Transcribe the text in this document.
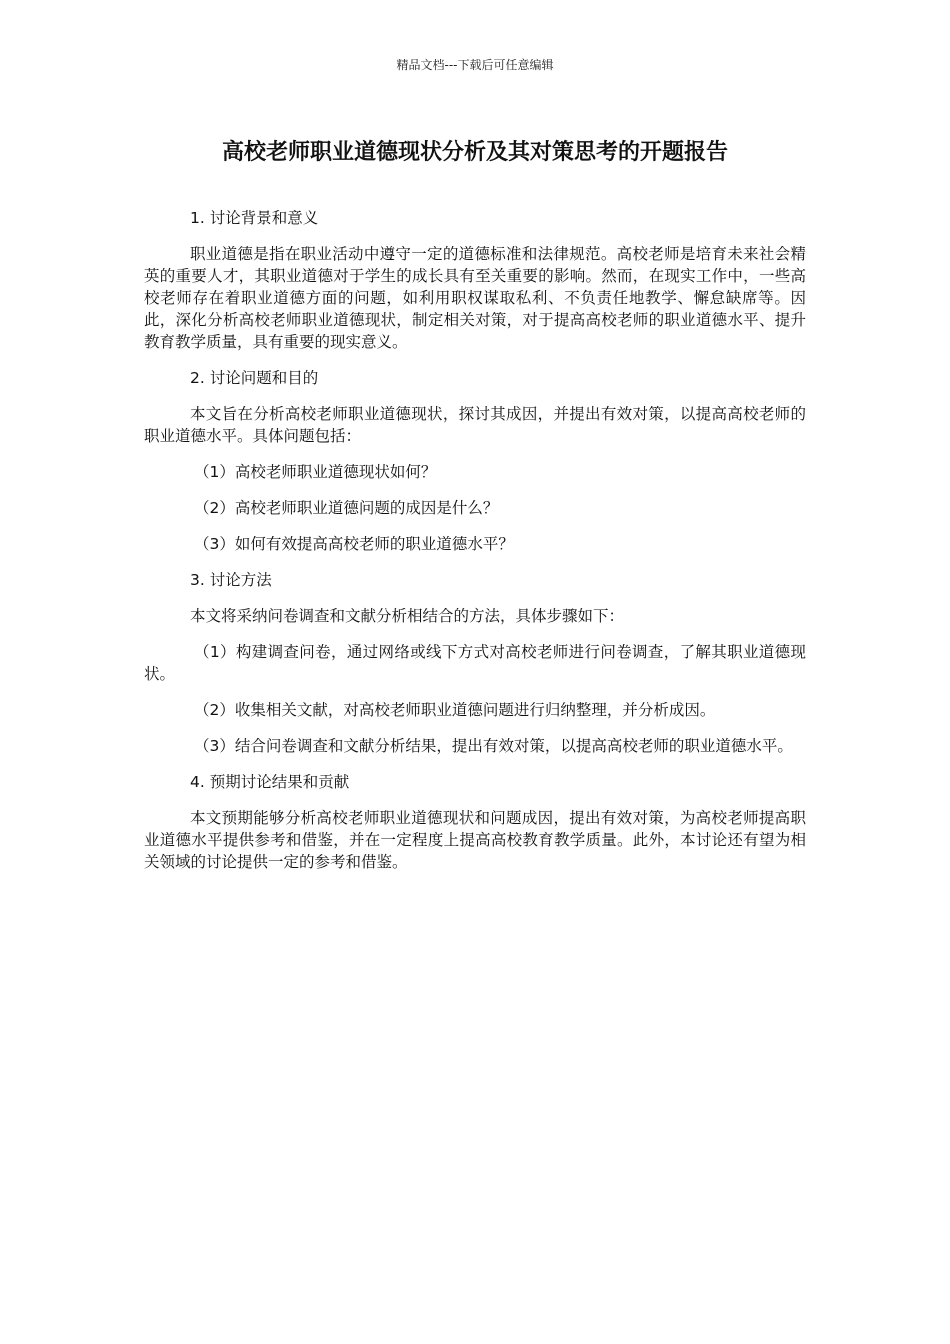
精品文档---下载后可任意编辑
高校老师职业道德现状分析及其对策思考的开题报告

1. 讨论背景和意义

职业道德是指在职业活动中遵守一定的道德标准和法律规范。高校老师是培育未来社会精英的重要人才，其职业道德对于学生的成长具有至关重要的影响。然而，在现实工作中，一些高校老师存在着职业道德方面的问题，如利用职权谋取私利、不负责任地教学、懈怠缺席等。因此，深化分析高校老师职业道德现状，制定相关对策，对于提高高校老师的职业道德水平、提升教育教学质量，具有重要的现实意义。

2. 讨论问题和目的

本文旨在分析高校老师职业道德现状，探讨其成因，并提出有效对策，以提高高校老师的职业道德水平。具体问题包括：

（1）高校老师职业道德现状如何？

（2）高校老师职业道德问题的成因是什么？

（3）如何有效提高高校老师的职业道德水平？

3. 讨论方法

本文将采纳问卷调查和文献分析相结合的方法，具体步骤如下：

（1）构建调查问卷，通过网络或线下方式对高校老师进行问卷调查，了解其职业道德现状。

（2）收集相关文献，对高校老师职业道德问题进行归纳整理，并分析成因。

（3）结合问卷调查和文献分析结果，提出有效对策，以提高高校老师的职业道德水平。

4. 预期讨论结果和贡献

本文预期能够分析高校老师职业道德现状和问题成因，提出有效对策，为高校老师提高职业道德水平提供参考和借鉴，并在一定程度上提高高校教育教学质量。此外，本讨论还有望为相关领域的讨论提供一定的参考和借鉴。
